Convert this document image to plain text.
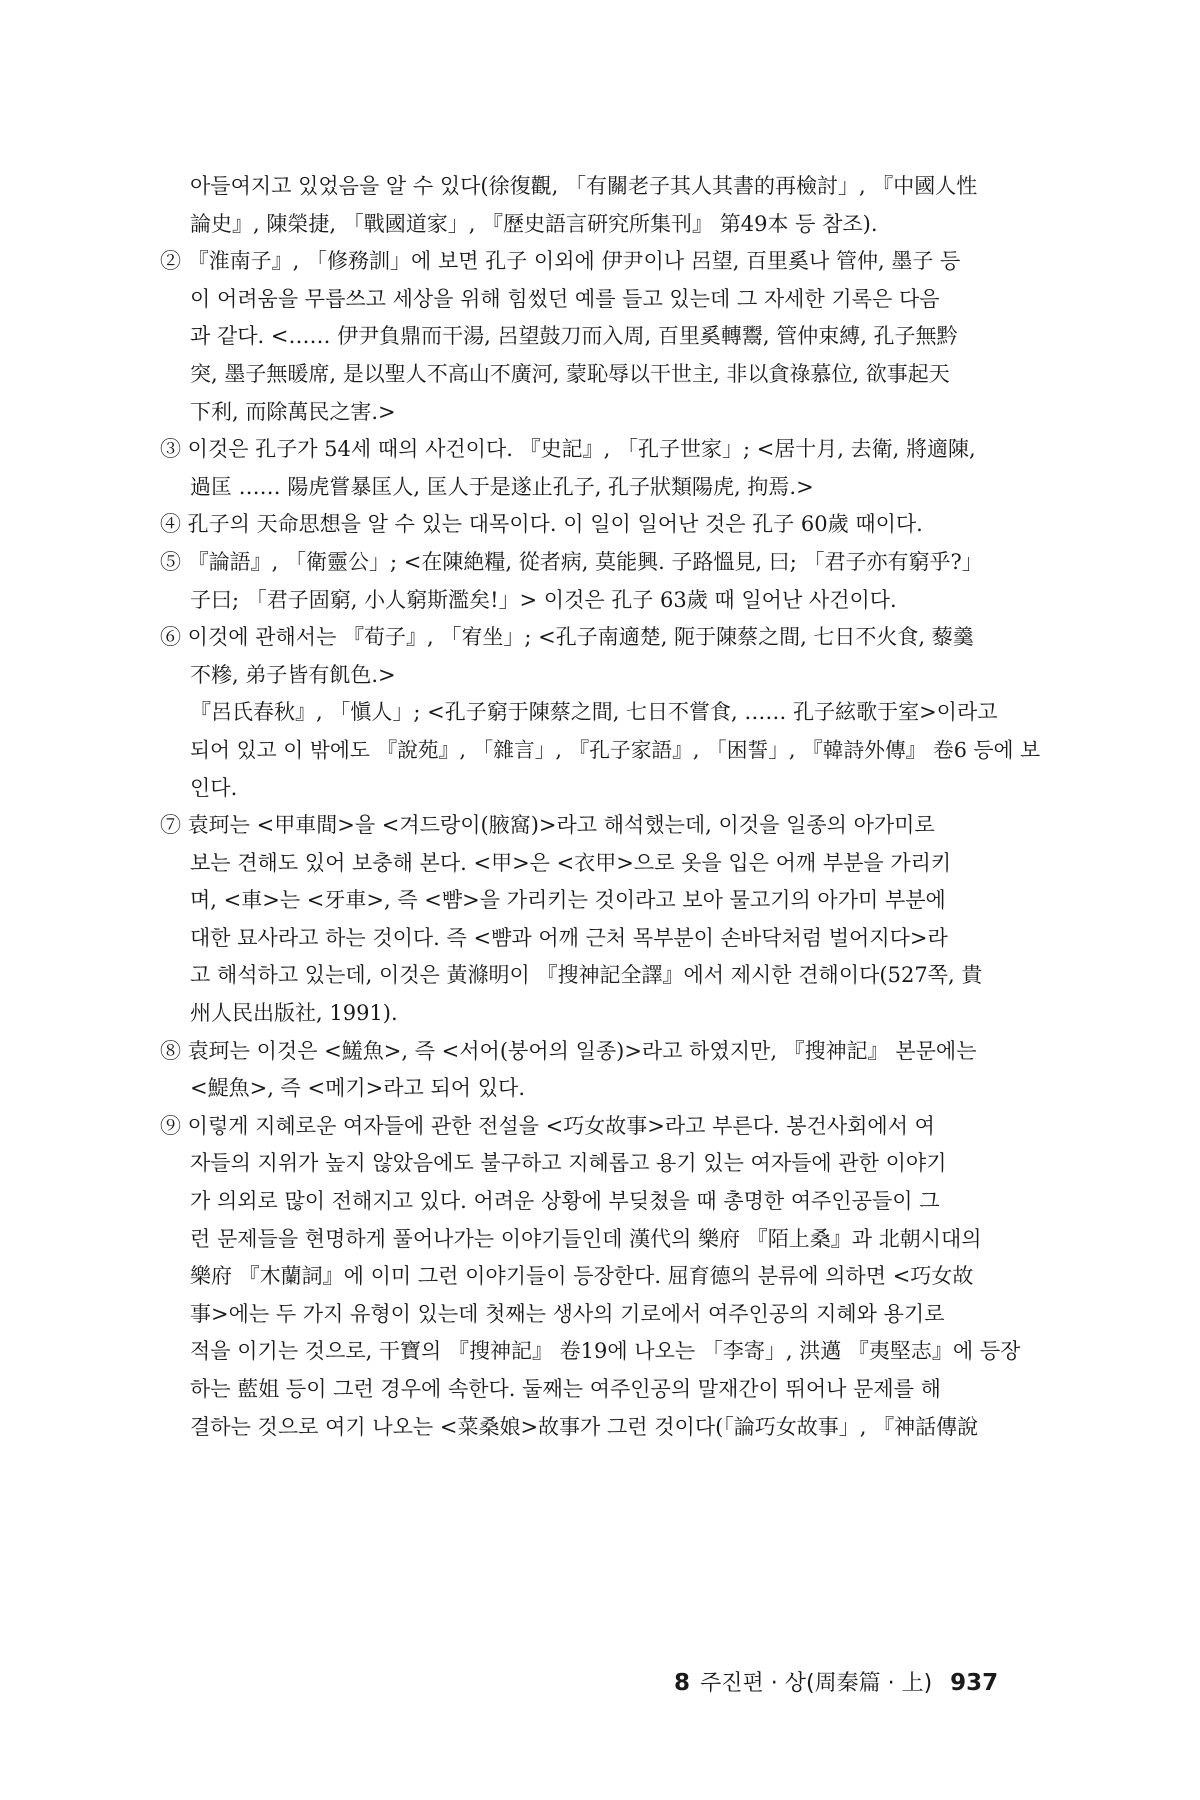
아들여지고 있었음을 알 수 있다(徐復觀, 「有關老子其人其書的再檢討」, 『中國人性
論史』, 陳榮捷, 「戰國道家」, 『歷史語言硏究所集刊』 第49本 등 참조).
② 『淮南子』, 「修務訓」에 보면 孔子 이외에 伊尹이나 呂望, 百里奚나 管仲, 墨子 등
이 어려움을 무릅쓰고 세상을 위해 힘썼던 예를 들고 있는데 그 자세한 기록은 다음
과 같다. <…… 伊尹負鼎而干湯, 呂望鼓刀而入周, 百里奚轉鬻, 管仲束縛, 孔子無黔
突, 墨子無暖席, 是以聖人不高山不廣河, 蒙恥辱以干世主, 非以貪祿慕位, 欲事起天
下利, 而除萬民之害.>
③ 이것은 孔子가 54세 때의 사건이다. 『史記』, 「孔子世家」; <居十月, 去衛, 將適陳,
過匡 …… 陽虎嘗暴匡人, 匡人于是遂止孔子, 孔子狀類陽虎, 拘焉.>
④ 孔子의 天命思想을 알 수 있는 대목이다. 이 일이 일어난 것은 孔子 60歲 때이다.
⑤ 『論語』, 「衛靈公」; <在陳絶糧, 從者病, 莫能興. 子路慍見, 曰; 「君子亦有窮乎?」
子曰; 「君子固窮, 小人窮斯濫矣!」> 이것은 孔子 63歲 때 일어난 사건이다.
⑥ 이것에 관해서는 『荀子』, 「宥坐」; <孔子南適楚, 阨于陳蔡之間, 七日不火食, 藜羹
不糝, 弟子皆有飢色.>
『呂氏春秋』, 「愼人」; <孔子窮于陳蔡之間, 七日不嘗食, …… 孔子絃歌于室>이라고
되어 있고 이 밖에도 『說苑』, 「雜言」, 『孔子家語』, 「困誓」, 『韓詩外傳』 卷6 등에 보
인다.
⑦ 袁珂는 <甲車間>을 <겨드랑이(腋窩)>라고 해석했는데, 이것을 일종의 아가미로
보는 견해도 있어 보충해 본다. <甲>은 <衣甲>으로 옷을 입은 어깨 부분을 가리키
며, <車>는 <牙車>, 즉 <뺨>을 가리키는 것이라고 보아 물고기의 아가미 부분에
대한 묘사라고 하는 것이다. 즉 <뺨과 어깨 근처 목부분이 손바닥처럼 벌어지다>라
고 해석하고 있는데, 이것은 黃滌明이 『搜神記全譯』에서 제시한 견해이다(527쪽, 貴
州人民出版社, 1991).
⑧ 袁珂는 이것은 <鱃魚>, 즉 <서어(붕어의 일종)>라고 하였지만, 『搜神記』 본문에는
<鯷魚>, 즉 <메기>라고 되어 있다.
⑨ 이렇게 지혜로운 여자들에 관한 전설을 <巧女故事>라고 부른다. 봉건사회에서 여
자들의 지위가 높지 않았음에도 불구하고 지혜롭고 용기 있는 여자들에 관한 이야기
가 의외로 많이 전해지고 있다. 어려운 상황에 부딪쳤을 때 총명한 여주인공들이 그
런 문제들을 현명하게 풀어나가는 이야기들인데 漢代의 樂府 『陌上桑』과 北朝시대의
樂府 『木蘭詞』에 이미 그런 이야기들이 등장한다. 屈育德의 분류에 의하면 <巧女故
事>에는 두 가지 유형이 있는데 첫째는 생사의 기로에서 여주인공의 지혜와 용기로
적을 이기는 것으로, 干寶의 『搜神記』 卷19에 나오는 「李寄」, 洪邁 『夷堅志』에 등장
하는 藍姐 등이 그런 경우에 속한다. 둘째는 여주인공의 말재간이 뛰어나 문제를 해
결하는 것으로 여기 나오는 <菜桑娘>故事가 그런 것이다(「論巧女故事」, 『神話傳說
8 주진편 · 상(周秦篇 · 上) 937
